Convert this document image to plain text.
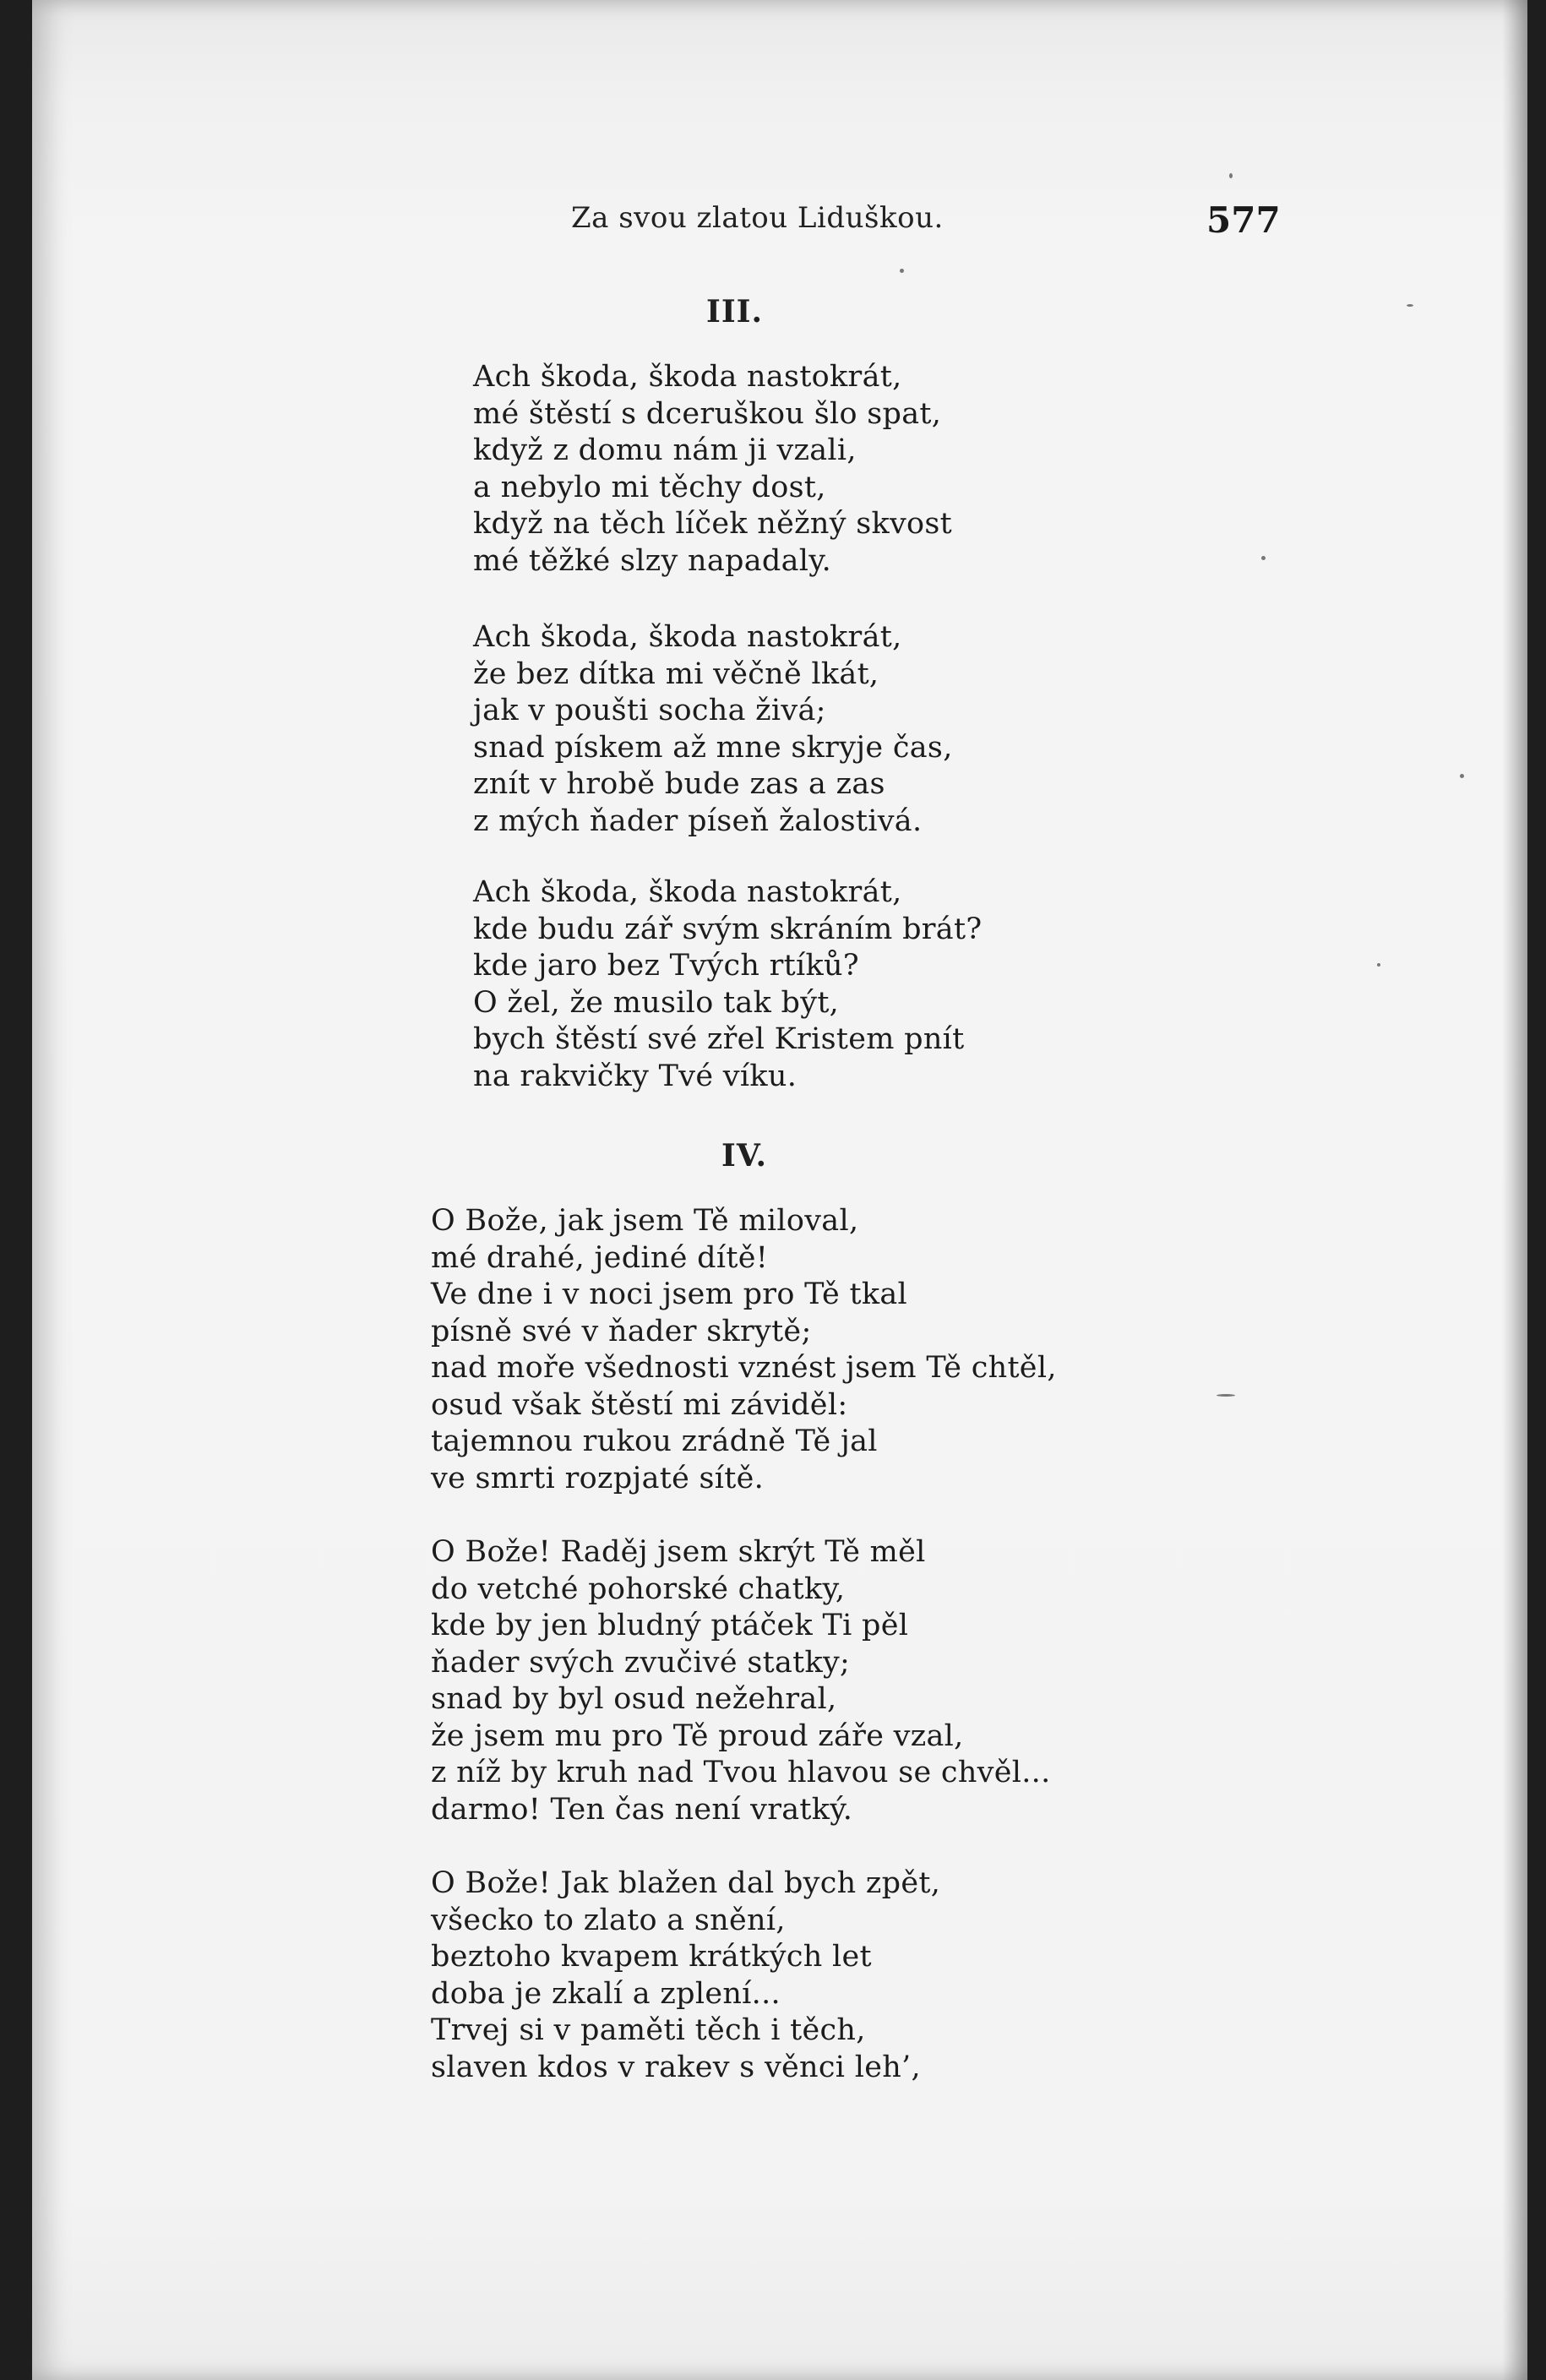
Za svou zlatou Liduškou.	577
III.
Ach škoda, škoda nastokrát,
mé štěstí s dceruškou šlo spat,
když z domu nám ji vzali,
a nebylo mi těchy dost,
když na těch líček něžný skvost
mé těžké slzy napadaly.
Ach škoda, škoda nastokrát,
že bez dítka mi věčně lkát,
jak v poušti socha živá;
snad pískem až mne skryje čas,
znít v hrobě bude zas a zas
z mých ňader píseň žalostivá.
Ach škoda, škoda nastokrát,
kde budu zář svým skráním brát?
kde jaro bez Tvých rtíků?
O žel, že musilo tak být,
bych štěstí své zřel Kristem pnít
na rakvičky Tvé víku.
IV.
O Bože, jak jsem Tě miloval,
mé drahé, jediné dítě!
Ve dne i v noci jsem pro Tě tkal
písně své v ňader skrytě;
nad moře všednosti vznést jsem Tě chtěl,
osud však štěstí mi záviděl:
tajemnou rukou zrádně Tě jal
ve smrti rozpjaté sítě.
O Bože! Raděj jsem skrýt Tě měl
do vetché pohorské chatky,
kde by jen bludný ptáček Ti pěl
ňader svých zvučivé statky;
snad by byl osud nežehral,
že jsem mu pro Tě proud záře vzal,
z níž by kruh nad Tvou hlavou se chvěl...
darmo! Ten čas není vratký.
O Bože! Jak blažen dal bych zpět,
všecko to zlato a snění,
beztoho kvapem krátkých let
doba je zkalí a zplení...
Trvej si v paměti těch i těch,
slaven kdos v rakev s věnci leh’,
